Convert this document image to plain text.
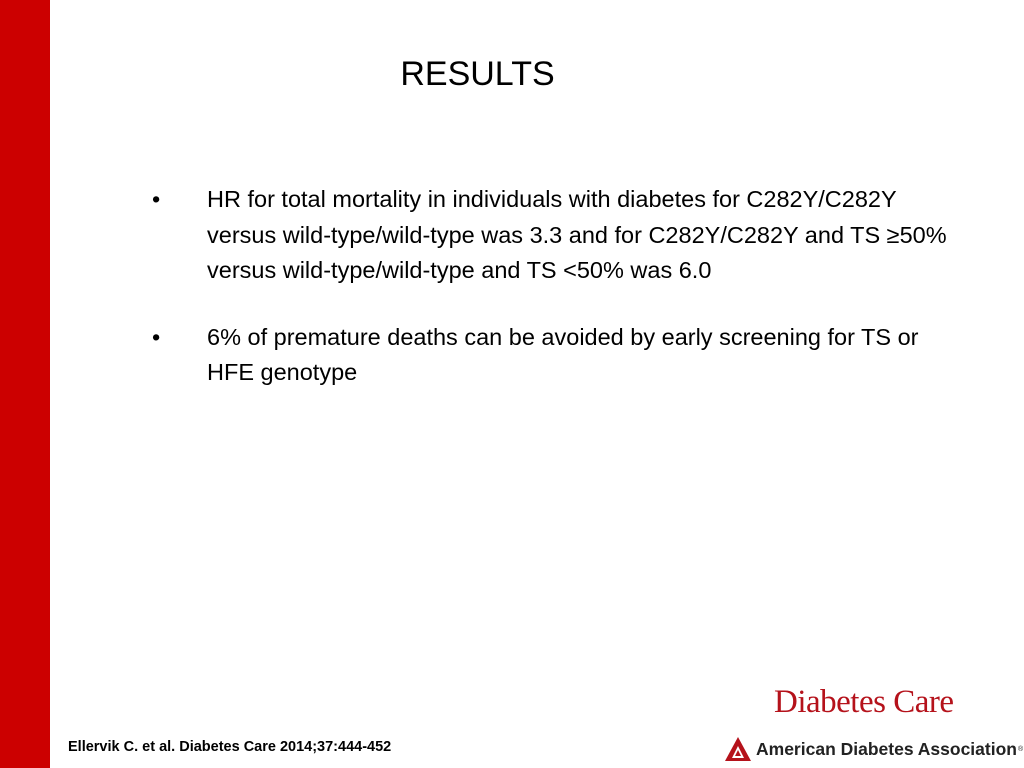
RESULTS
•	HR for total mortality in individuals with diabetes for C282Y/C282Y versus wild-type/wild-type was 3.3 and for C282Y/C282Y and TS ≥50% versus wild-type/wild-type and TS <50% was 6.0
•	6% of premature deaths can be avoided by early screening for TS or HFE genotype
Ellervik C. et al. Diabetes Care 2014;37:444-452
Diabetes Care
American Diabetes Association ®
